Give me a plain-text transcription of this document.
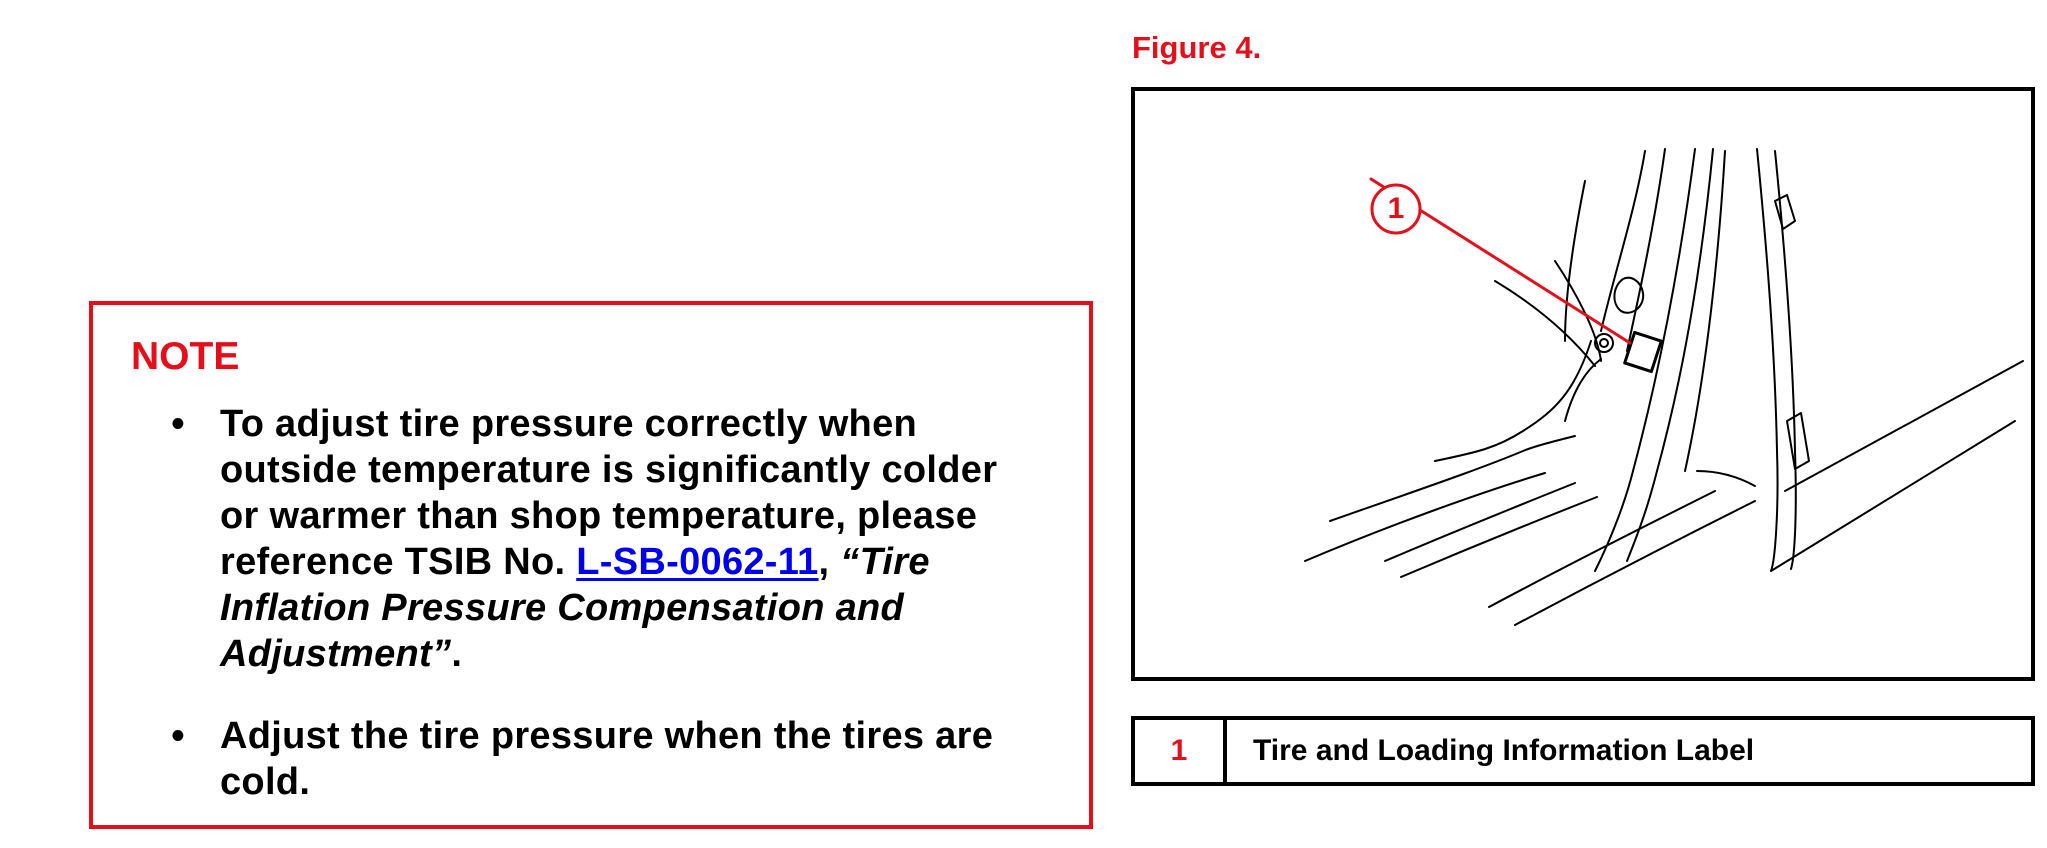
NOTE
• To adjust tire pressure correctly when outside temperature is significantly colder or warmer than shop temperature, please reference TSIB No. L-SB-0062-11, “Tire Inflation Pressure Compensation and Adjustment”.
• Adjust the tire pressure when the tires are cold.
Figure 4.
1
1	Tire and Loading Information Label
